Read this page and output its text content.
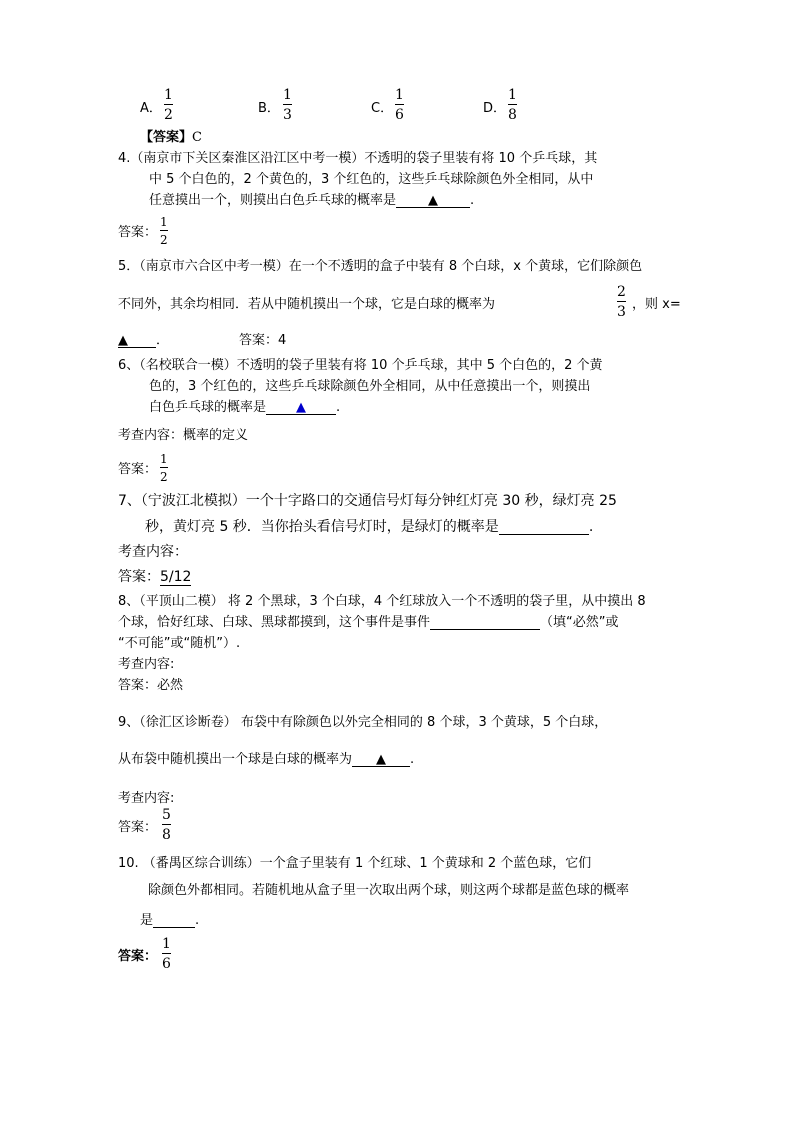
A．
1
2	B．
1
3	C．
1
6	D．
1
8
【答案】C
4.（南京市下关区秦淮区沿江区中考一模）不透明的袋子里装有将 10 个乒乓球，其
中 5 个白色的，2 个黄色的，3 个红色的，这些乒乓球除颜色外全相同，从中
任意摸出一个，则摸出白色乒乓球的概率是 ▲ .
答案：
1
2
5．（南京市六合区中考一模）在一个不透明的盒子中装有 8 个白球，x 个黄球，它们除颜色
不同外，其余均相同．若从中随机摸出一个球，它是白球的概率为
2
3 ，则 x=
▲ ．	答案：4
6、（名校联合一模）不透明的袋子里装有将 10 个乒乓球，其中 5 个白色的，2 个黄
色的，3 个红色的，这些乒乓球除颜色外全相同，从中任意摸出一个，则摸出
白色乒乓球的概率是 ▲ .
考查内容：概率的定义
答案：
1
2
7、（宁波江北模拟）一个十字路口的交通信号灯每分钟红灯亮 30 秒，绿灯亮 25
秒，黄灯亮 5 秒．当你抬头看信号灯时，是绿灯的概率是	.
考查内容：
答案：5/12
8、（平顶山二模） 将 2 个黑球，3 个白球，4 个红球放入一个不透明的袋子里，从中摸出 8
个球，恰好红球、白球、黑球都摸到，这个事件是事件	（填“必然”或
“不可能”或“随机”）.
考查内容:
答案：必然
9、（徐汇区诊断卷） 布袋中有除颜色以外完全相同的 8 个球，3 个黄球，5 个白球，
从布袋中随机摸出一个球是白球的概率为 ▲ .
考查内容:
答案：
5
8
10. （番禺区综合训练）一个盒子里装有 1 个红球、1 个黄球和 2 个蓝色球，它们
除颜色外都相同。若随机地从盒子里一次取出两个球，则这两个球都是蓝色球的概率
是	.
答案：
1
6
